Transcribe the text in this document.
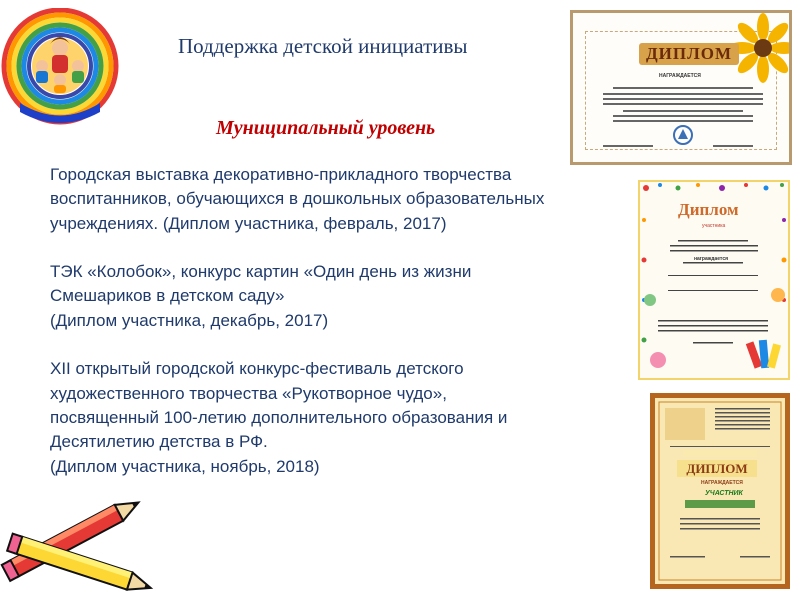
Поддержка детской инициативы
Муниципальный уровень

Городская выставка декоративно-прикладного творчества
воспитанников, обучающихся в дошкольных образовательных
учреждениях. (Диплом участника, февраль, 2017)

ТЭК «Колобок», конкурс картин «Один день из жизни
Смешариков в детском саду»
(Диплом участника, декабрь, 2017)

XII открытый городской конкурс-фестиваль детского
художественного творчества «Рукотворное чудо»,
посвященный 100-летию дополнительного образования и
Десятилетию детства в РФ.
(Диплом участника, ноябрь, 2018)

ДИПЛОМ
НАГРАЖДАЕТСЯ
Диплом
участника
награждается
ДИПЛОМ
НАГРАЖДАЕТСЯ
УЧАСТНИК
